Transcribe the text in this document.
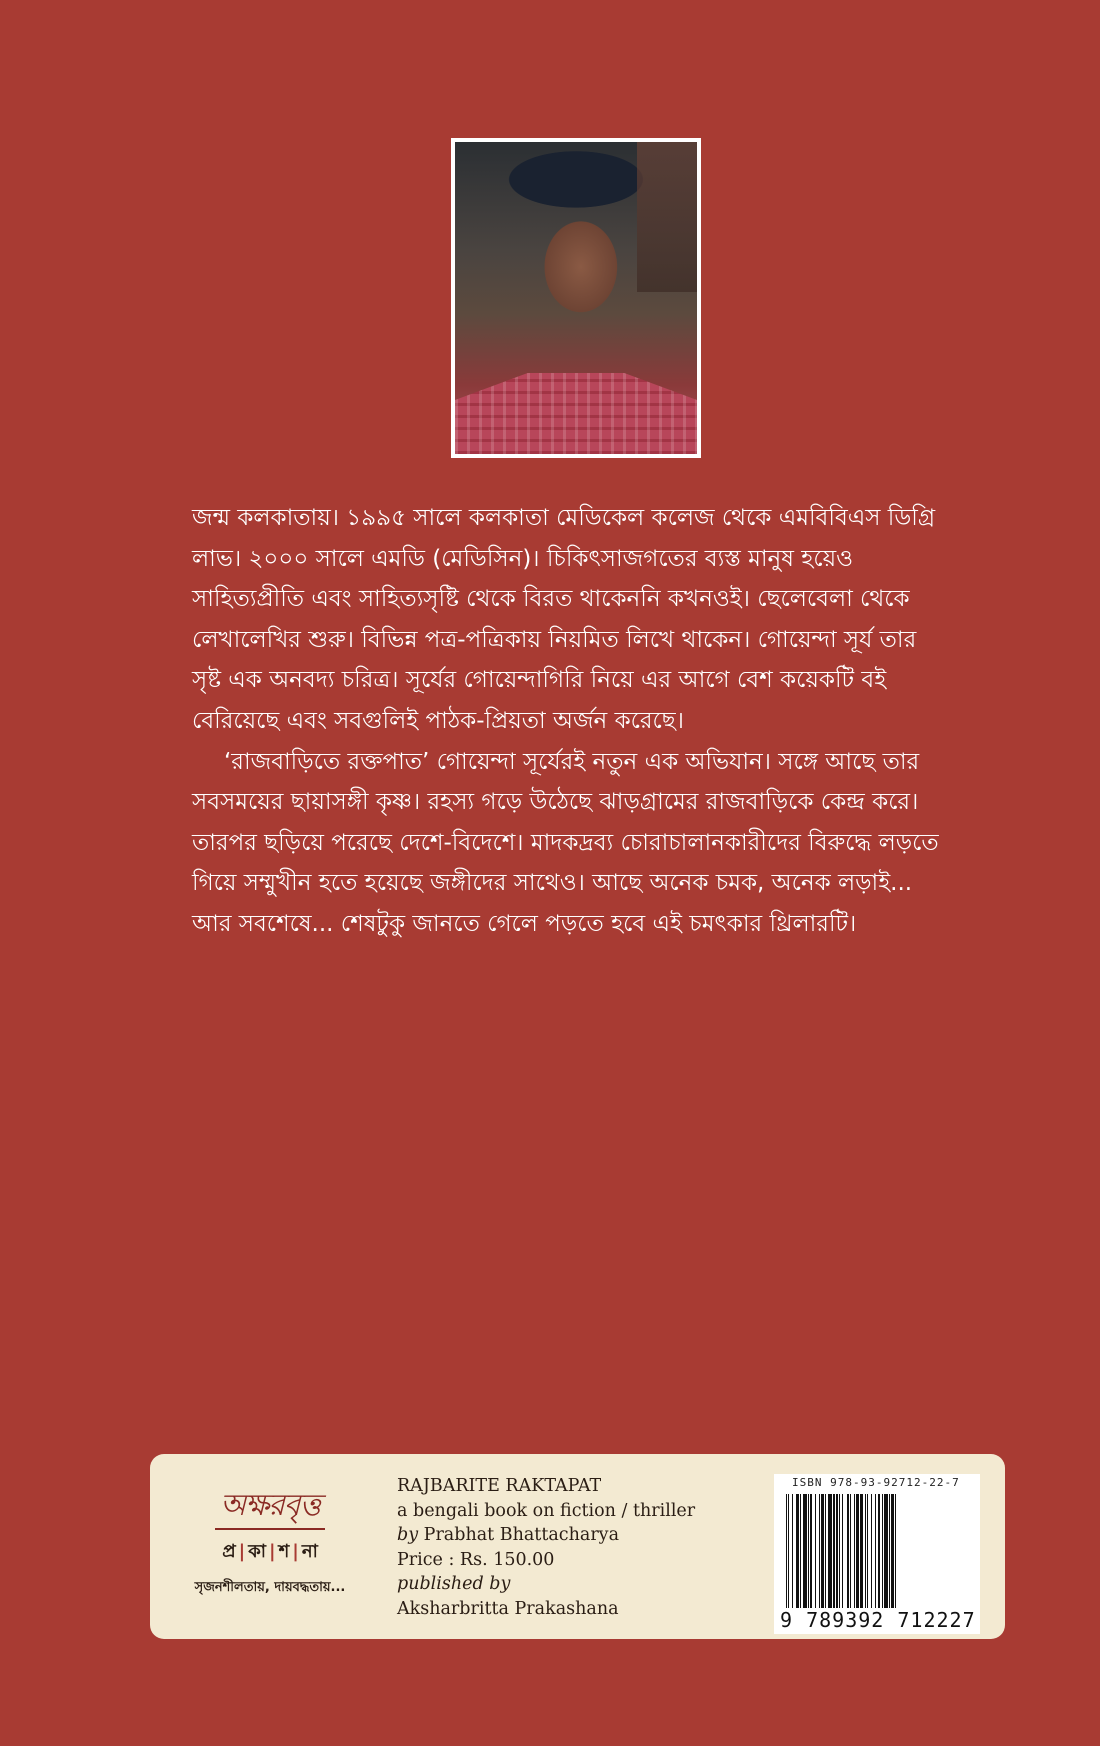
জন্ম কলকাতায়। ১৯৯৫ সালে কলকাতা মেডিকেল কলেজ থেকে এমবিবিএস ডিগ্রি লাভ। ২০০০ সালে এমডি (মেডিসিন)। চিকিৎসাজগতের ব্যস্ত মানুষ হয়েও সাহিত্যপ্রীতি এবং সাহিত্যসৃষ্টি থেকে বিরত থাকেননি কখনওই। ছেলেবেলা থেকে লেখালেখির শুরু। বিভিন্ন পত্র-পত্রিকায় নিয়মিত লিখে থাকেন। গোয়েন্দা সূর্য তার সৃষ্ট এক অনবদ্য চরিত্র। সূর্যের গোয়েন্দাগিরি নিয়ে এর আগে বেশ কয়েকটি বই বেরিয়েছে এবং সবগুলিই পাঠক-প্রিয়তা অর্জন করেছে।

‘রাজবাড়িতে রক্তপাত’ গোয়েন্দা সূর্যেরই নতুন এক অভিযান। সঙ্গে আছে তার সবসময়ের ছায়াসঙ্গী কৃষ্ণ। রহস্য গড়ে উঠেছে ঝাড়গ্রামের রাজবাড়িকে কেন্দ্র করে। তারপর ছড়িয়ে পরেছে দেশে-বিদেশে। মাদকদ্রব্য চোরাচালানকারীদের বিরুদ্ধে লড়তে গিয়ে সম্মুখীন হতে হয়েছে জঙ্গীদের সাথেও। আছে অনেক চমক, অনেক লড়াই... আর সবশেষে... শেষটুকু জানতে গেলে পড়তে হবে এই চমৎকার থ্রিলারটি।

অক্ষরবৃত্ত
প্র | কা | শ | না
সৃজনশীলতায়, দায়বদ্ধতায়...
RAJBARITE RAKTAPAT
a bengali book on fiction / thriller
by Prabhat Bhattacharya
Price : Rs. 150.00
published by
Aksharbritta Prakashana
ISBN 978-93-92712-22-7
9 789392 712227
